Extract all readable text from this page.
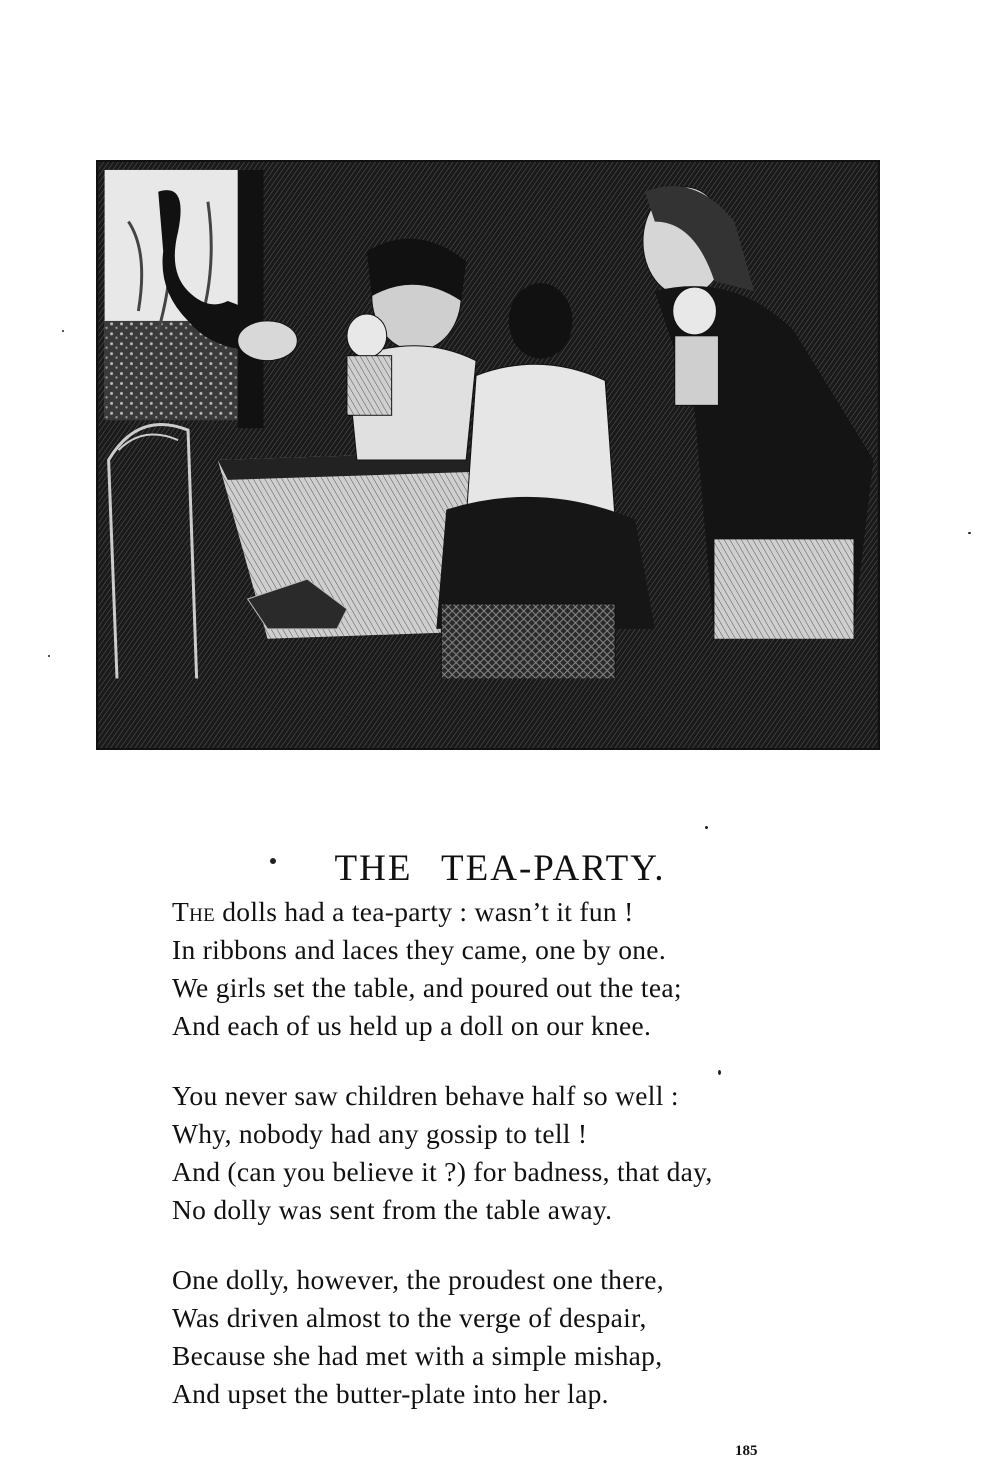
THE TEA-PARTY.
The dolls had a tea-party : wasn’t it fun !
In ribbons and laces they came, one by one.
We girls set the table, and poured out the tea;
And each of us held up a doll on our knee.
You never saw children behave half so well :
Why, nobody had any gossip to tell !
And (can you believe it ?) for badness, that day,
No dolly was sent from the table away.
One dolly, however, the proudest one there,
Was driven almost to the verge of despair,
Because she had met with a simple mishap,
And upset the butter-plate into her lap.
185
